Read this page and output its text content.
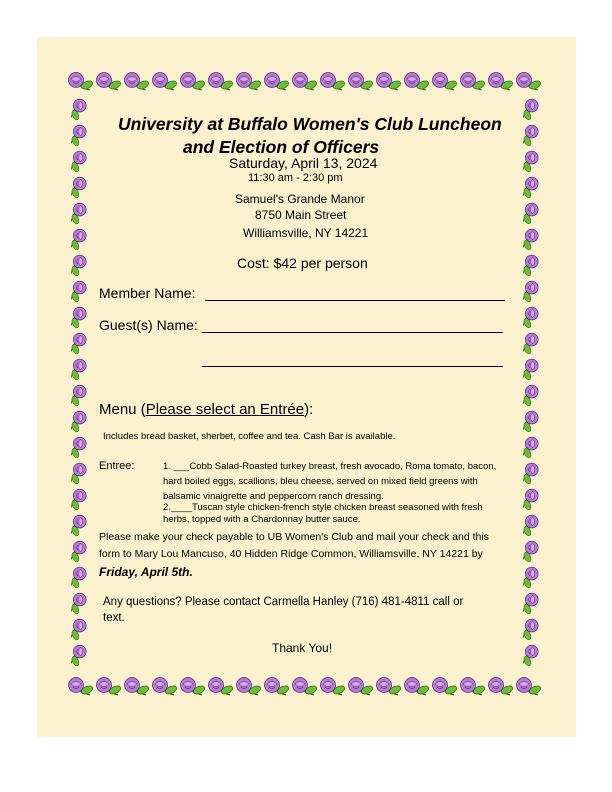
University at Buffalo Women's Club Luncheon
and Election of Officers
Saturday, April 13, 2024
11:30 am - 2:30 pm
Samuel's Grande Manor
8750 Main Street
Williamsville, NY 14221
Cost: $42 per person
Member Name:
Guest(s) Name:
Menu (Please select an Entrée):
Includes bread basket, sherbet, coffee and tea. Cash Bar is available.
Entree:	1. ___Cobb Salad-Roasted turkey breast, fresh avocado, Roma tomato, bacon,
hard boiled eggs, scallions, bleu cheese, served on mixed field greens with
balsamic vinaigrette and peppercorn ranch dressing.
2.____Tuscan style chicken-french style chicken breast seasoned with fresh
herbs, topped with a Chardonnay butter sauce.
Please make your check payable to UB Women's Club and mail your check and this
form to Mary Lou Mancuso, 40 Hidden Ridge Common, Williamsville, NY 14221 by
Friday, April 5th.
Any questions? Please contact Carmella Hanley (716) 481-4811 call or
text.
Thank You!
